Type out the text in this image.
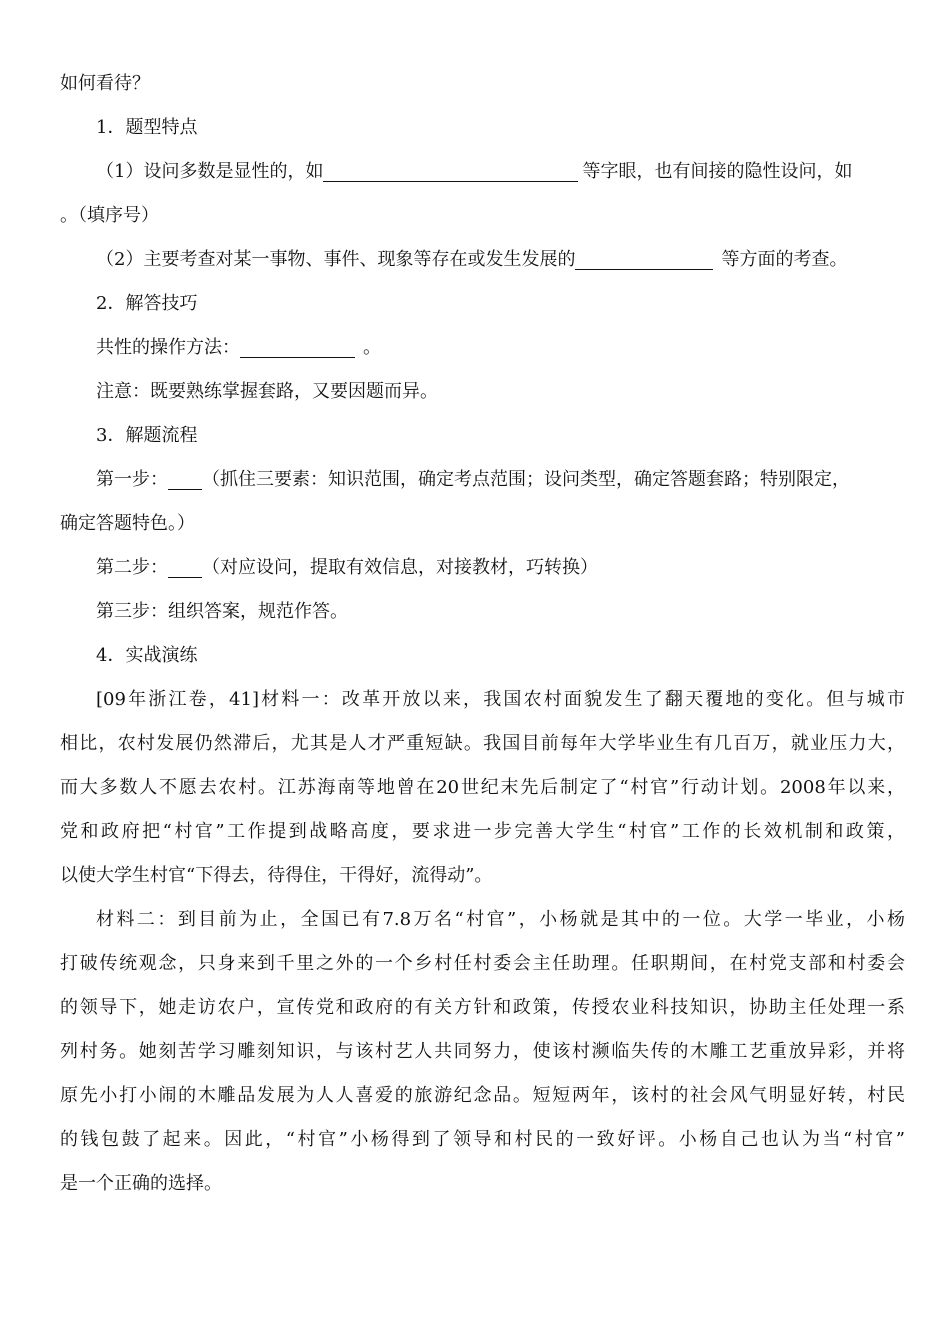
如何看待？
1．题型特点
（1）设问多数是显性的，如	等字眼，也有间接的隐性设问，如
。（填序号）
（2）主要考查对某一事物、事件、现象等存在或发生发展的	等方面的考查。
2．解答技巧
共性的操作方法：	。
注意：既要熟练掌握套路，又要因题而异。
3．解题流程
第一步： （抓住三要素：知识范围，确定考点范围；设问类型，确定答题套路；特别限定，
确定答题特色。）
第二步： （对应设问，提取有效信息，对接教材，巧转换）
第三步：组织答案，规范作答。
4．实战演练
[09年浙江卷，41]材料一：改革开放以来，我国农村面貌发生了翻天覆地的变化。但与城市
相比，农村发展仍然滞后，尤其是人才严重短缺。我国目前每年大学毕业生有几百万，就业压力大，
而大多数人不愿去农村。江苏海南等地曾在20世纪末先后制定了“村官”行动计划。2008年以来，
党和政府把“村官”工作提到战略高度，要求进一步完善大学生“村官”工作的长效机制和政策，
以使大学生村官“下得去，待得住，干得好，流得动”。
材料二：到目前为止，全国已有7.8万名“村官”，小杨就是其中的一位。大学一毕业，小杨
打破传统观念，只身来到千里之外的一个乡村任村委会主任助理。任职期间，在村党支部和村委会
的领导下，她走访农户，宣传党和政府的有关方针和政策，传授农业科技知识，协助主任处理一系
列村务。她刻苦学习雕刻知识，与该村艺人共同努力，使该村濒临失传的木雕工艺重放异彩，并将
原先小打小闹的木雕品发展为人人喜爱的旅游纪念品。短短两年，该村的社会风气明显好转，村民
的钱包鼓了起来。因此，“村官”小杨得到了领导和村民的一致好评。小杨自己也认为当“村官”
是一个正确的选择。
